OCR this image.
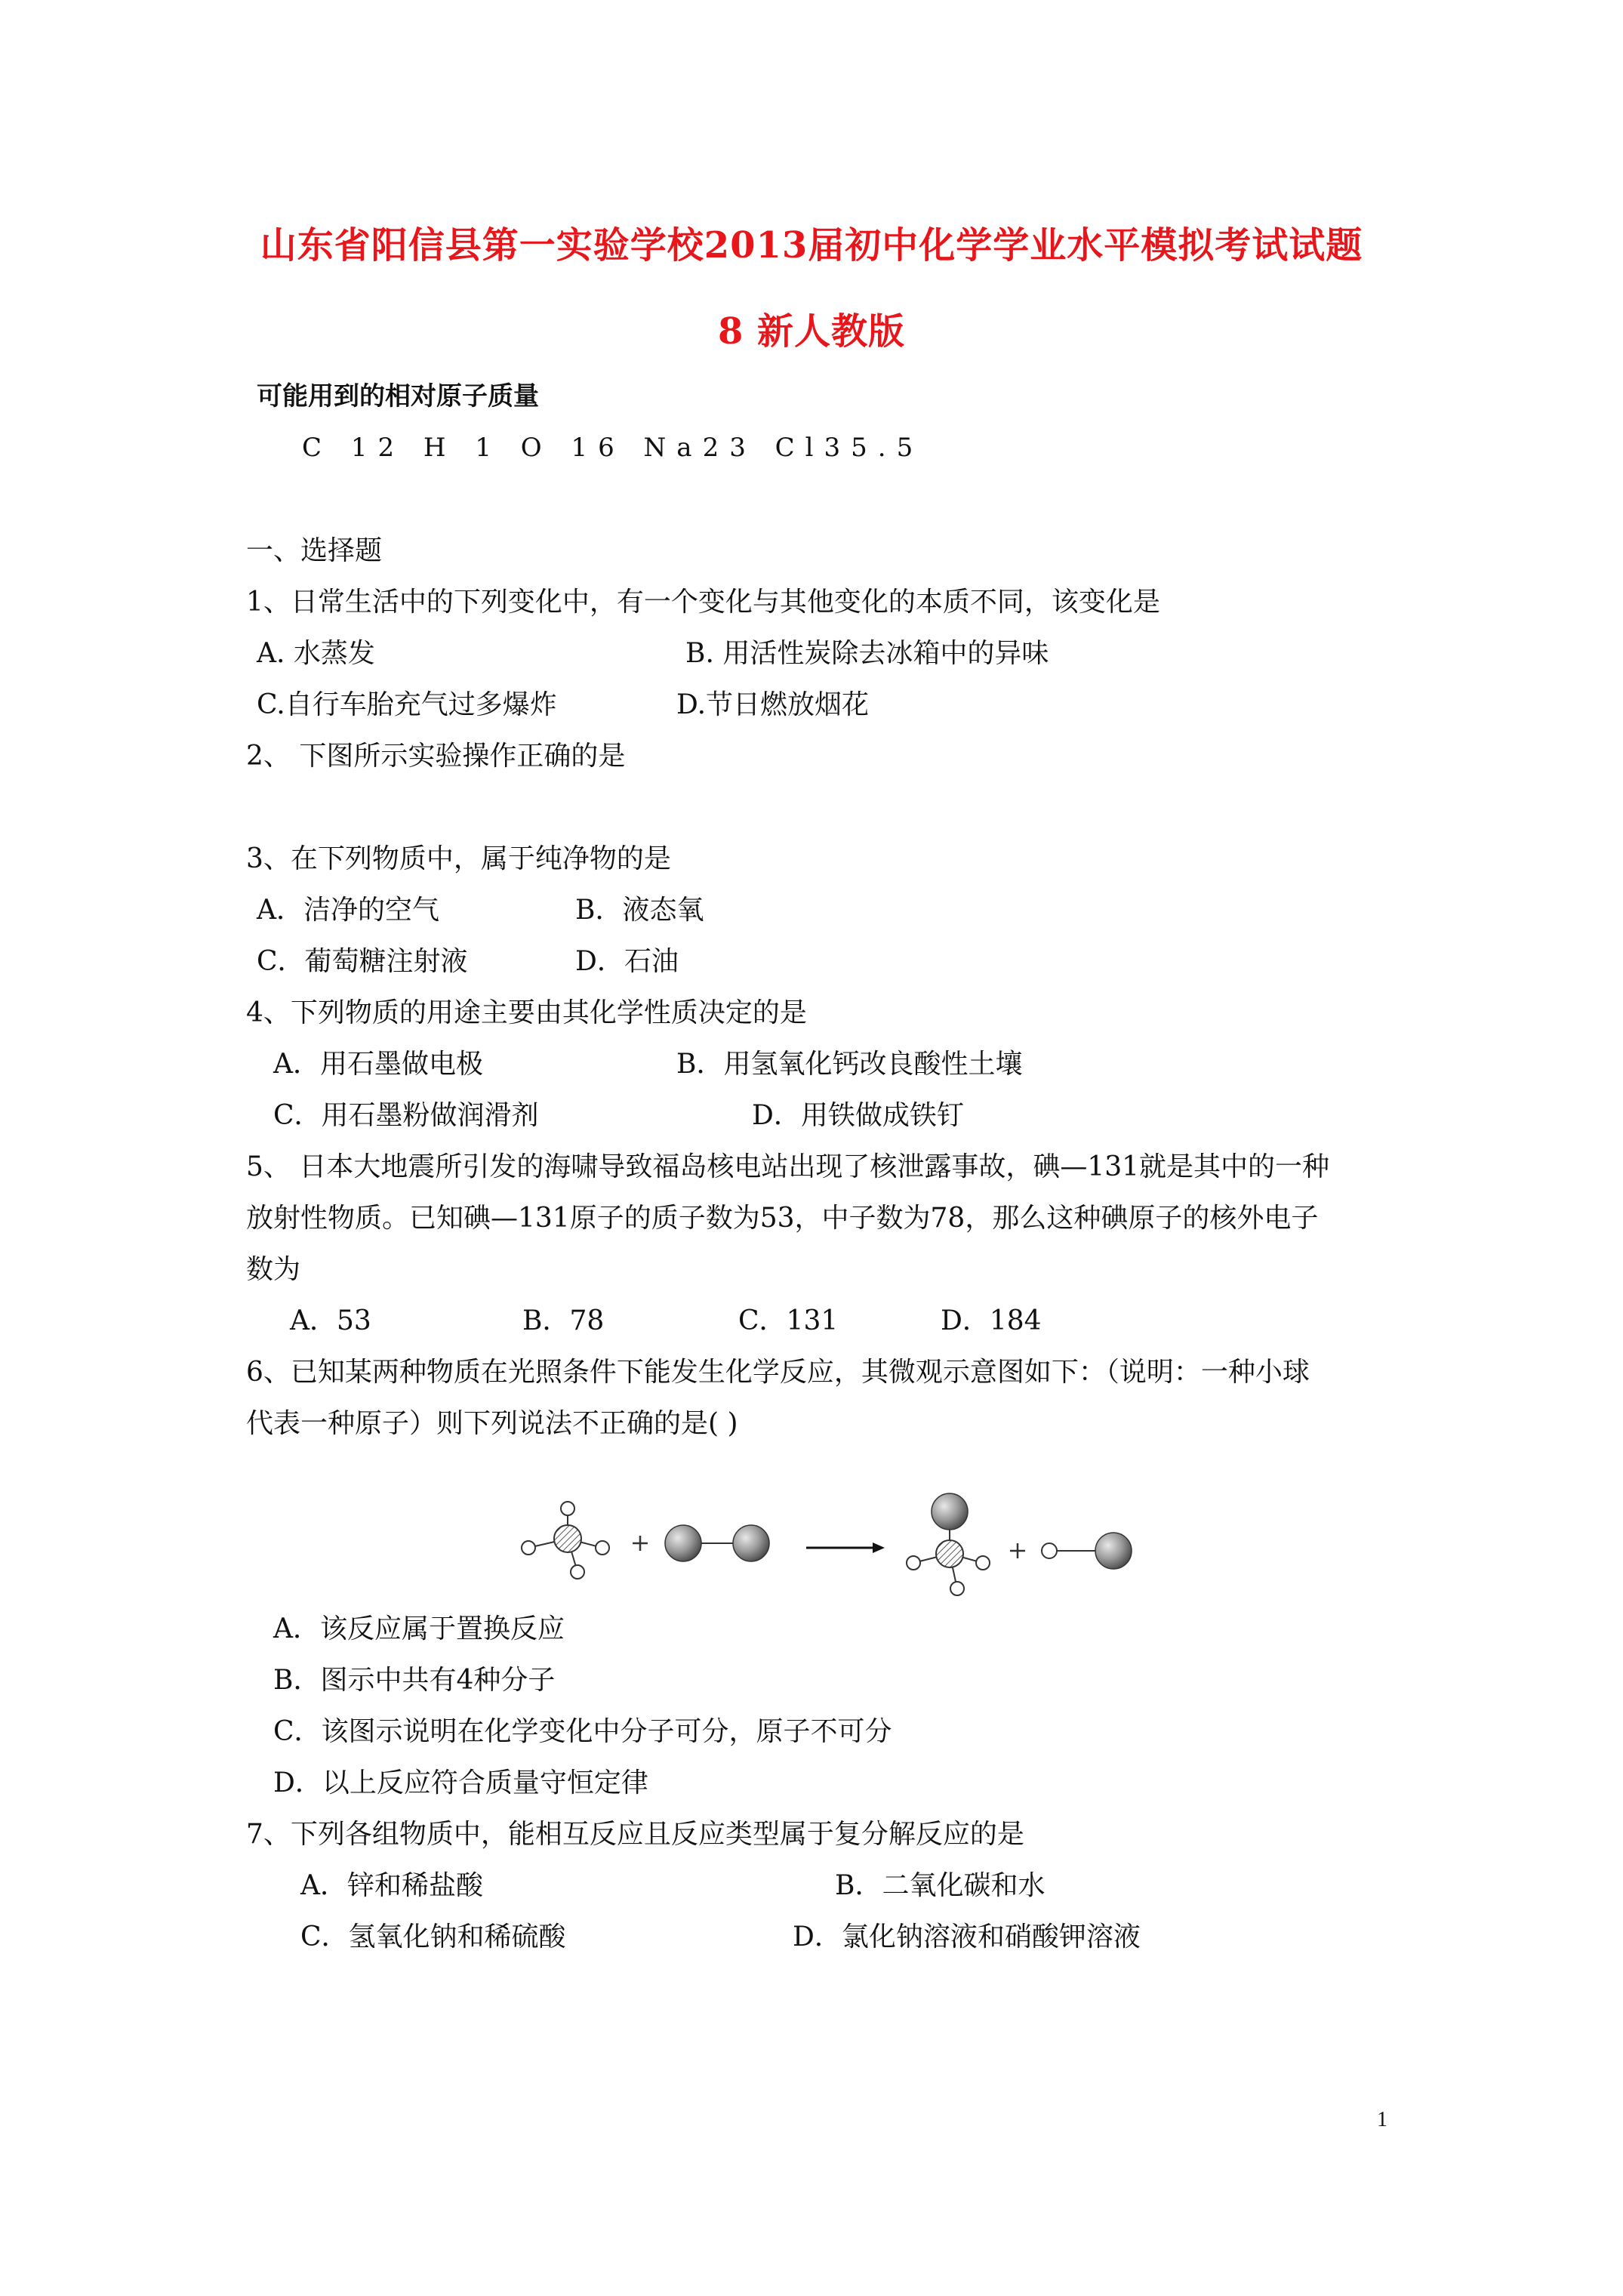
山东省阳信县第一实验学校2013届初中化学学业水平模拟考试试题
8 新人教版
可能用到的相对原子质量
C 12 H 1 O 16 Na23 Cl35.5
一、选择题
1、日常生活中的下列变化中，有一个变化与其他变化的本质不同，该变化是
A. 水蒸发	B. 用活性炭除去冰箱中的异味
C.自行车胎充气过多爆炸	D.节日燃放烟花
2、 下图所示实验操作正确的是
3、在下列物质中，属于纯净物的是
A．洁净的空气	B．液态氧
C．葡萄糖注射液	D．石油
4、下列物质的用途主要由其化学性质决定的是
A．用石墨做电极	B．用氢氧化钙改良酸性土壤
C．用石墨粉做润滑剂	D．用铁做成铁钉
5、 日本大地震所引发的海啸导致福岛核电站出现了核泄露事故，碘—131就是其中的一种
放射性物质。已知碘—131原子的质子数为53，中子数为78，那么这种碘原子的核外电子
数为
A．53	B．78	C．131	D．184
6、已知某两种物质在光照条件下能发生化学反应，其微观示意图如下：（说明：一种小球
代表一种原子）则下列说法不正确的是( )
A．该反应属于置换反应
B．图示中共有4种分子
C．该图示说明在化学变化中分子可分，原子不可分
D．以上反应符合质量守恒定律
7、下列各组物质中，能相互反应且反应类型属于复分解反应的是
A．锌和稀盐酸	B．二氧化碳和水
C．氢氧化钠和稀硫酸	D．氯化钠溶液和硝酸钾溶液
1
